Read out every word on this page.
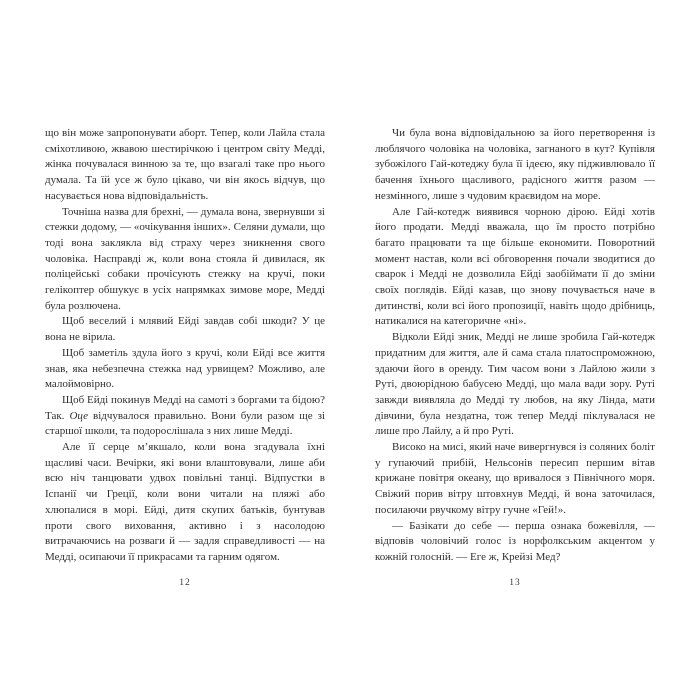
що він може запропонувати аборт. Тепер, коли Лайла стала сміхотливою, жвавою шестирічкою і центром світу Медді, жінка почувалася винною за те, що взагалі таке про нього думала. Та їй усе ж було цікаво, чи він якось відчув, що насувається нова відповідальність.

Точніша назва для брехні, — думала вона, звернувши зі стежки додому, — «очікування інших». Селяни думали, що тоді вона заклякла від страху через зникнення свого чоловіка. Насправді ж, коли вона стояла й дивилася, як поліцейські собаки прочісують стежку на кручі, поки гелікоптер обшукує в усіх напрямках зимове море, Медді була розлючена.

Щоб веселий і млявий Ейді завдав собі шкоди? У це вона не вірила.

Щоб заметіль здула його з кручі, коли Ейді все життя знав, яка небезпечна стежка над урвищем? Можливо, але малоймовірно.

Щоб Ейді покинув Медді на самоті з боргами та бідою? Так. Оце відчувалося правильно. Вони були разом ще зі старшої школи, та подорослішала з них лише Медді.

Але її серце м’якшало, коли вона згадувала їхні щасливі часи. Вечірки, які вони влаштовували, лише аби всю ніч танцювати удвох повільні танці. Відпустки в Іспанії чи Греції, коли вони читали на пляжі або хлюпалися в морі. Ейді, дитя скупих батьків, бунтував проти свого виховання, активно і з насолодою витрачаючись на розваги й — задля справедливості — на Медді, осипаючи її прикрасами та гарним одягом.

12

Чи була вона відповідальною за його перетворення із люблячого чоловіка на чоловіка, загнаного в кут? Купівля зубожілого Гай-котеджу була її ідеєю, яку підживлювало її бачення їхнього щасливого, радісного життя разом — незмінного, лише з чудовим краєвидом на море.

Але Гай-котедж виявився чорною дірою. Ейді хотів його продати. Медді вважала, що їм просто потрібно багато працювати та ще більше економити. Поворотний момент настав, коли всі обговорення почали зводитися до сварок і Медді не дозволила Ейді заобіймати її до зміни своїх поглядів. Ейді казав, що знову почувається наче в дитинстві, коли всі його пропозиції, навіть щодо дрібниць, натикалися на категоричне «ні».

Відколи Ейді зник, Медді не лише зробила Гай-котедж придатним для життя, але й сама стала платоспроможною, здаючи його в оренду. Тим часом вони з Лайлою жили з Руті, двоюрідною бабусею Медді, що мала вади зору. Руті завжди виявляла до Медді ту любов, на яку Лінда, мати дівчини, була нездатна, тож тепер Медді піклувалася не лише про Лайлу, а й про Руті.

Високо на мисі, який наче вивергнувся із соляних боліт у гупаючий прибій, Нельсонів пересип першим вітав крижане повітря океану, що вривалося з Північного моря. Свіжий порив вітру штовхнув Медді, й вона заточилася, посилаючи рвучкому вітру гучне «Гей!».

— Базікати до себе — перша ознака божевілля, — відповів чоловічий голос із норфолкським акцентом у кожній голосній. — Еге ж, Крейзі Мед?

13
